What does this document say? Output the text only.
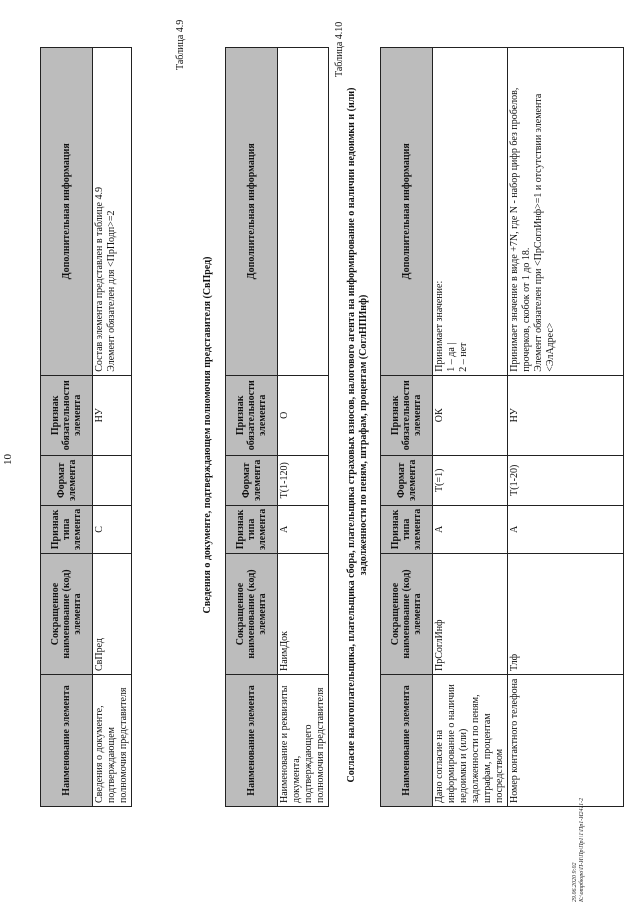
10
Наименование элемента	Сокращенное наименование (код) элемента	Признак типа элемента	Формат элемента	Признак обязательности элемента	Дополнительная информация
Сведения о документе, подтверждающем полномочия представителя	СвПред	С		НУ	Состав элемента представлен в таблице 4.9 Элемент обязателен для <ПрПодп>=2
Таблица 4.9
Сведения о документе, подтверждающем полномочия представителя (СвПред)
Наименование элемента	Сокращенное наименование (код) элемента	Признак типа элемента	Формат элемента	Признак обязательности элемента	Дополнительная информация
Наименование и реквизиты документа, подтверждающего полномочия представителя	НаимДок	А	Т(1-120)	О	
Таблица 4.10
Согласие налогоплательщика, плательщика сбора, плательщика страховых взносов, налогового агента на информирование о наличии недоимки и (или) задолженности по пеням, штрафам, процентам (СоглНПИнф)
Наименование элемента	Сокращенное наименование (код) элемента	Признак типа элемента	Формат элемента	Признак обязательности элемента	Дополнительная информация
Дано согласие на информирование о наличии недоимки и (или) задолженности по пеням, штрафам, процентам посредством	ПрСоглИнф	А	Т(=1)	ОК	Принимает значение: 1 – да | 2 – нет

Номер контактного телефона	Тлф	А	Т(1-20)	НУ	Принимает значение в виде +7N, где N - набор цифр без пробелов, прочерков, скобок от 1 до 18. Элемент обязателен при <ПрСоглИнф>=1 и отсутствии элемента <ЭлАдрес>
29.06.2020 9:02 К:\отрбюро\П-И\Пр\Пр1\1\Пр1-И2411-2
